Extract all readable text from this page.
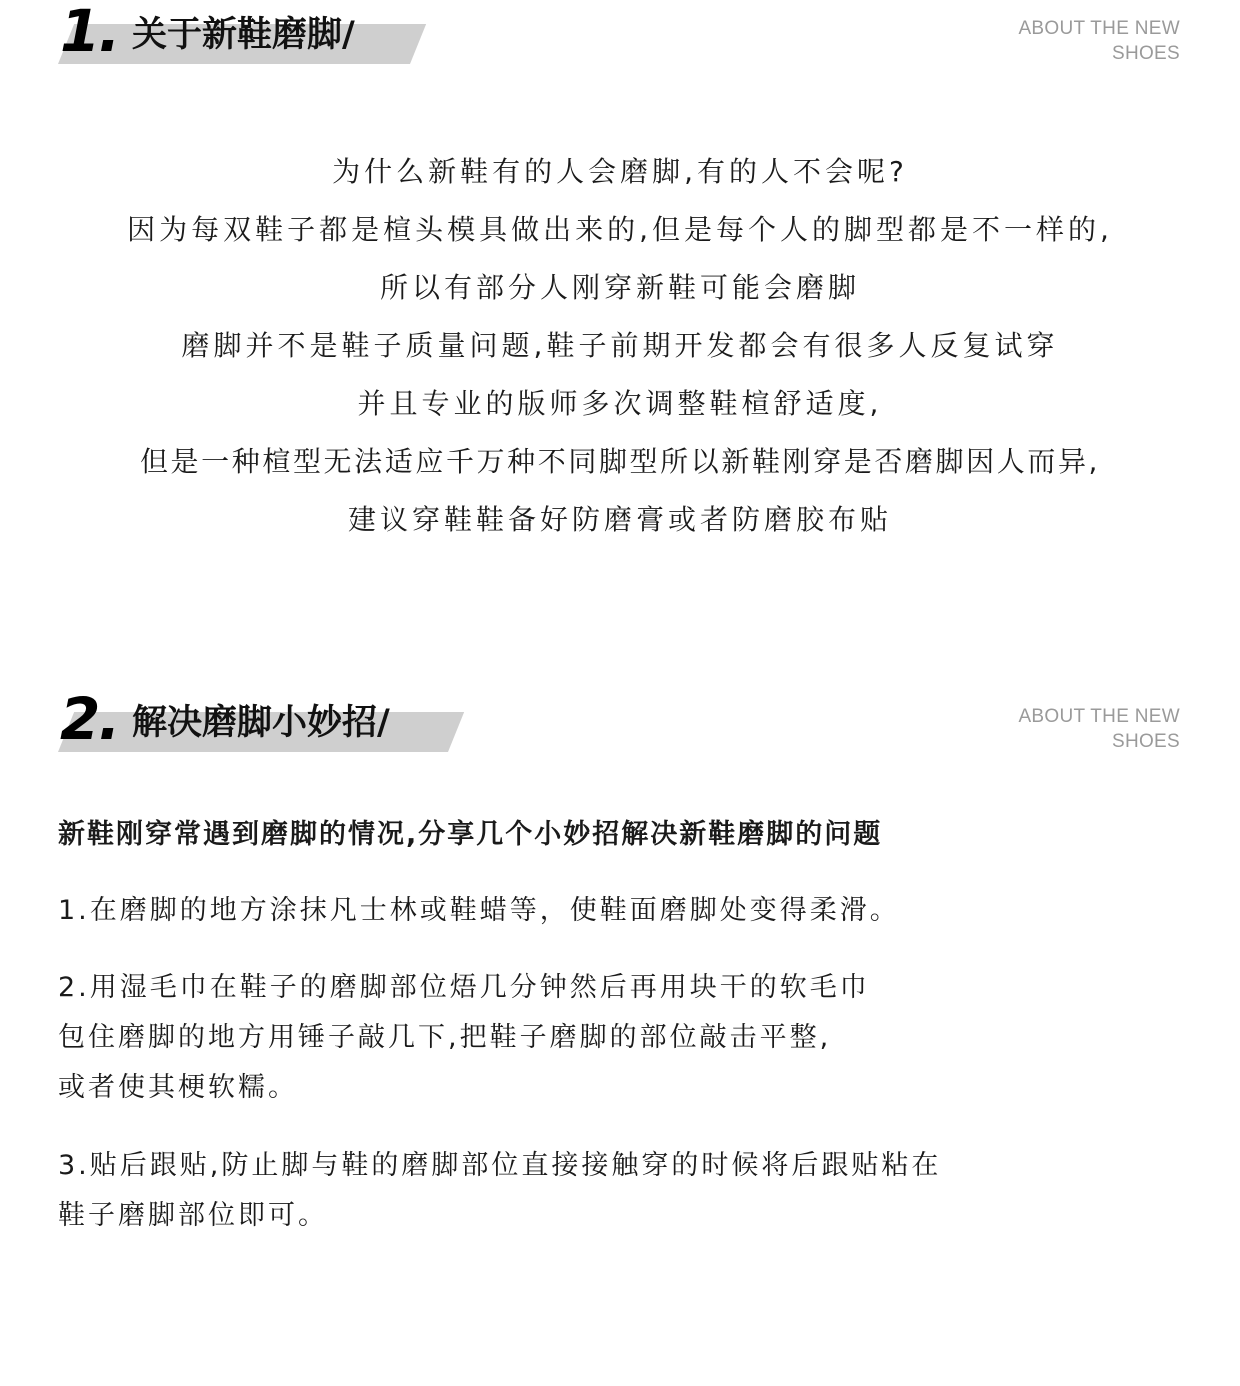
1. 关于新鞋磨脚/	ABOUT THE NEW
SHOES

为什么新鞋有的人会磨脚,有的人不会呢?

因为每双鞋子都是楦头模具做出来的,但是每个人的脚型都是不一样的,

所以有部分人刚穿新鞋可能会磨脚

磨脚并不是鞋子质量问题,鞋子前期开发都会有很多人反复试穿

并且专业的版师多次调整鞋楦舒适度,

但是一种楦型无法适应千万种不同脚型所以新鞋刚穿是否磨脚因人而异,

建议穿鞋鞋备好防磨膏或者防磨胶布贴

2. 解决磨脚小妙招/	ABOUT THE NEW
SHOES

新鞋刚穿常遇到磨脚的情况,分享几个小妙招解决新鞋磨脚的问题

1.在磨脚的地方涂抹凡士林或鞋蜡等，使鞋面磨脚处变得柔滑。

2.用湿毛巾在鞋子的磨脚部位焐几分钟然后再用块干的软毛巾

包住磨脚的地方用锤子敲几下,把鞋子磨脚的部位敲击平整,

或者使其梗软糯。

3.贴后跟贴,防止脚与鞋的磨脚部位直接接触穿的时候将后跟贴粘在

鞋子磨脚部位即可。
